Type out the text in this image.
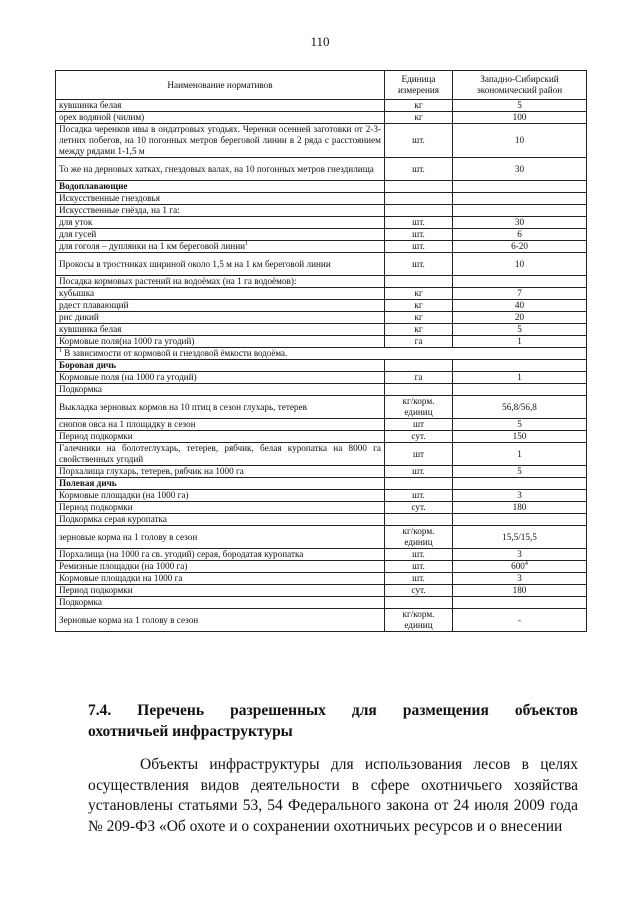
110
Наименование нормативов	Единица измерения	Западно-Сибирский экономический район
кувшинка белая	кг	5
орех водяной (чилим)	кг	100
Посадка черенков ивы в ондатровых угодьях. Черенки осенней заготовки от 2-3-летних побегов, на 10 погонных метров береговой линии в 2 ряда с расстоянием между рядами 1-1,5 м	шт.	10
То же на дерновых хатках, гнездовых валах, на 10 погонных метров гнездилища	шт.	30
Водоплавающие		
Искусственные гнездовья		
Искусственные гнёзда, на 1 га:		
для уток	шт.	30
для гусей	шт.	6
для гоголя – дуплянки на 1 км береговой линии$^1$	шт.	6-20
Прокосы в тростниках шириной около 1,5 м на 1 км береговой линии	шт.	10
Посадка кормовых растений на водоёмах (на 1 га водоёмов):		
кубышка	кг	7
рдест плавающий	кг	40
рис дикий	кг	20
кувшинка белая	кг	5
Кормовые поля(на 1000 га угодий)	га	1
$^1$ В зависимости от кормовой и гнездовой ёмкости водоёма.		
Боровая дичь		
Кормовые поля (на 1000 га угодий)	га	1
Подкормка		
Выкладка зерновых кормов на 10 птиц в сезон глухарь, тетерев	кг/корм. единиц	56,8/56,8
снопов овса на 1 площадку в сезон	шт	5
Период подкормки	сут.	150
Галечники на болотеглухарь, тетерев, рябчик, белая куропатка на 8000 га свойственных угодий	шт	1
Порхалища глухарь, тетерев, рябчик на 1000 га	шт.	5
Полевая дичь		
Кормовые площадки (на 1000 га)	шт.	3
Период подкормки	сут.	180
Подкормка серая куропатка		
зерновые корма на 1 голову в сезон	кг/корм. единиц	15,5/15,5
Порхалища (на 1000 га св. угодий) серая, бородатая куропатка	шт.	3
Ремизные площадки (на 1000 га)	шт.	$600^4$
Кормовые площадки на 1000 га	шт.	3
Период подкормки	сут.	180
Подкормка		
Зерновые корма на 1 голову в сезон	кг/корм. единиц	-
7.4. Перечень разрешенных для размещения объектов
охотничьей инфраструктуры
Объекты инфраструктуры для использования лесов в целях осуществления видов деятельности в сфере охотничьего хозяйства установлены статьями 53, 54 Федерального закона от 24 июля 2009 года № 209-ФЗ «Об охоте и о сохранении охотничьих ресурсов и о внесении
